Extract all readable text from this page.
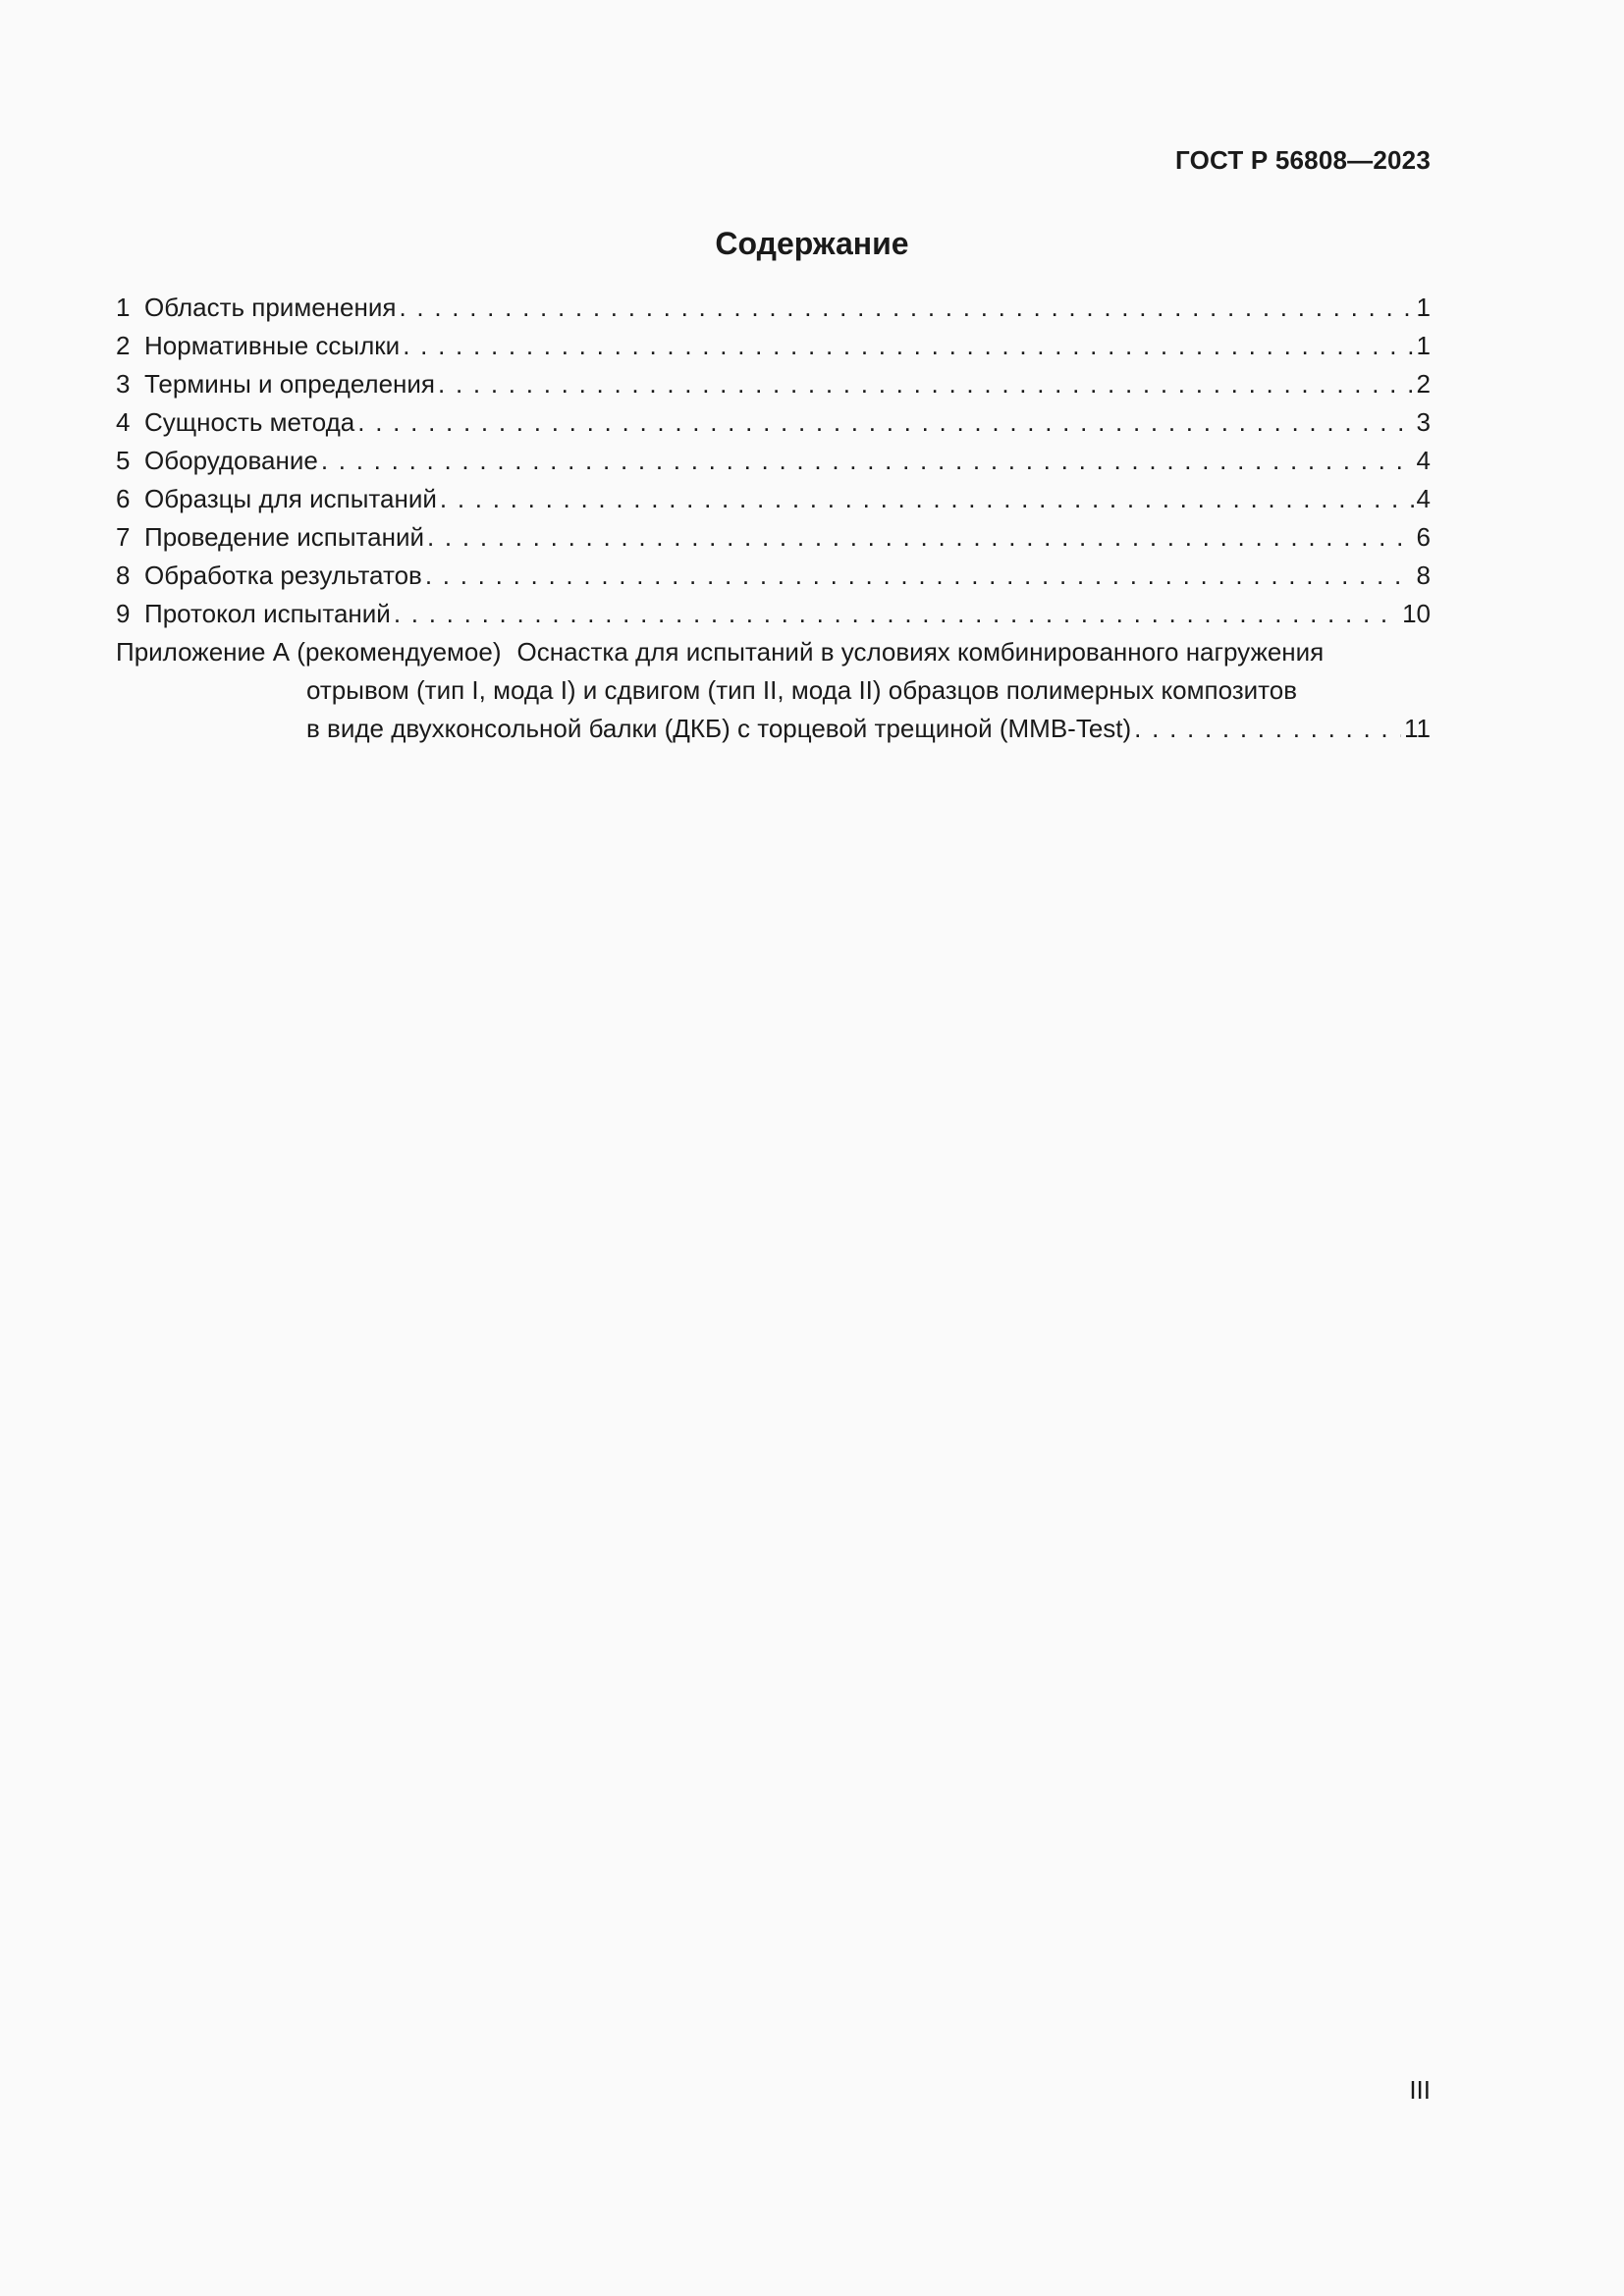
ГОСТ Р 56808—2023
Содержание
1 Область применения . . .	1
2 Нормативные ссылки . . .	1
3 Термины и определения . . .	2
4 Сущность метода . . .	3
5 Оборудование . . .	4
6 Образцы для испытаний . . .	4
7 Проведение испытаний . . .	6
8 Обработка результатов . . .	8
9 Протокол испытаний . . .	10
Приложение А (рекомендуемое) Оснастка для испытаний в условиях комбинированного нагружения
отрывом (тип I, мода I) и сдвигом (тип II, мода II) образцов полимерных композитов
в виде двухконсольной балки (ДКБ) с торцевой трещиной (MMB-Test) . . .	11
III
